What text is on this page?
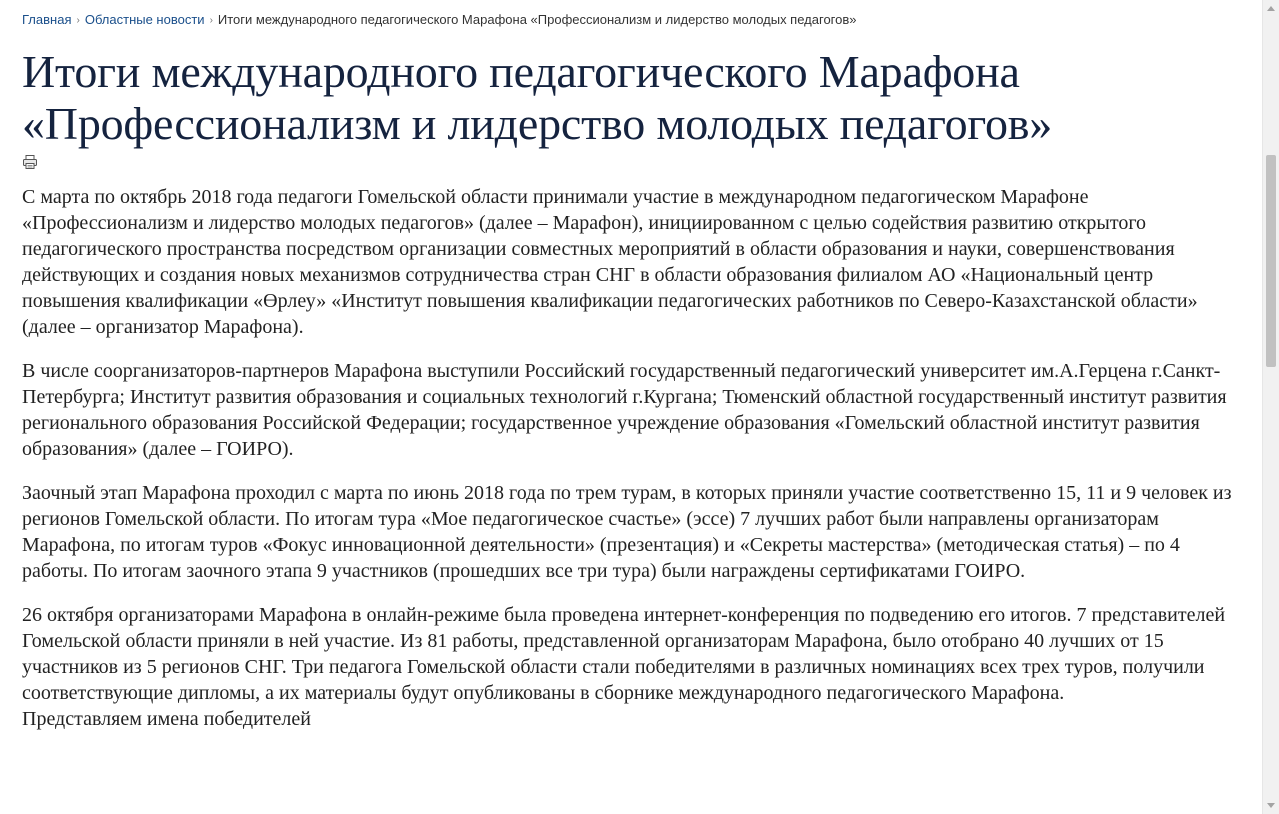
Главная › Областные новости › Итоги международного педагогического Марафона «Профессионализм и лидерство молодых педагогов»
Итоги международного педагогического Марафона
«Профессионализм и лидерство молодых педагогов»

С марта по октябрь 2018 года педагоги Гомельской области принимали участие в международном педагогическом Марафоне «Профессионализм и лидерство молодых педагогов» (далее – Марафон), инициированном с целью содействия развитию открытого педагогического пространства посредством организации совместных мероприятий в области образования и науки, совершенствования действующих и создания новых механизмов сотрудничества стран СНГ в области образования филиалом АО «Национальный центр повышения квалификации «Өрлеу» «Институт повышения квалификации педагогических работников по Северо-Казахстанской области» (далее – организатор Марафона).

В числе соорганизаторов-партнеров Марафона выступили Российский государственный педагогический университет им.А.Герцена г.Санкт-Петербурга; Институт развития образования и социальных технологий г.Кургана; Тюменский областной государственный институт развития регионального образования Российской Федерации; государственное учреждение образования «Гомельский областной институт развития образования» (далее – ГОИРО).

Заочный этап Марафона проходил с марта по июнь 2018 года по трем турам, в которых приняли участие соответственно 15, 11 и 9 человек из регионов Гомельской области. По итогам тура «Мое педагогическое счастье» (эссе) 7 лучших работ были направлены организаторам Марафона, по итогам туров «Фокус инновационной деятельности» (презентация) и «Секреты мастерства» (методическая статья) – по 4 работы. По итогам заочного этапа 9 участников (прошедших все три тура) были награждены сертификатами ГОИРО.

26 октября организаторами Марафона в онлайн-режиме была проведена интернет-конференция по подведению его итогов. 7 представителей Гомельской области приняли в ней участие. Из 81 работы, представленной организаторам Марафона, было отобрано 40 лучших от 15 участников из 5 регионов СНГ. Три педагога Гомельской области стали победителями в различных номинациях всех трех туров, получили соответствующие дипломы, а их материалы будут опубликованы в сборнике международного педагогического Марафона.

Представляем имена победителей
